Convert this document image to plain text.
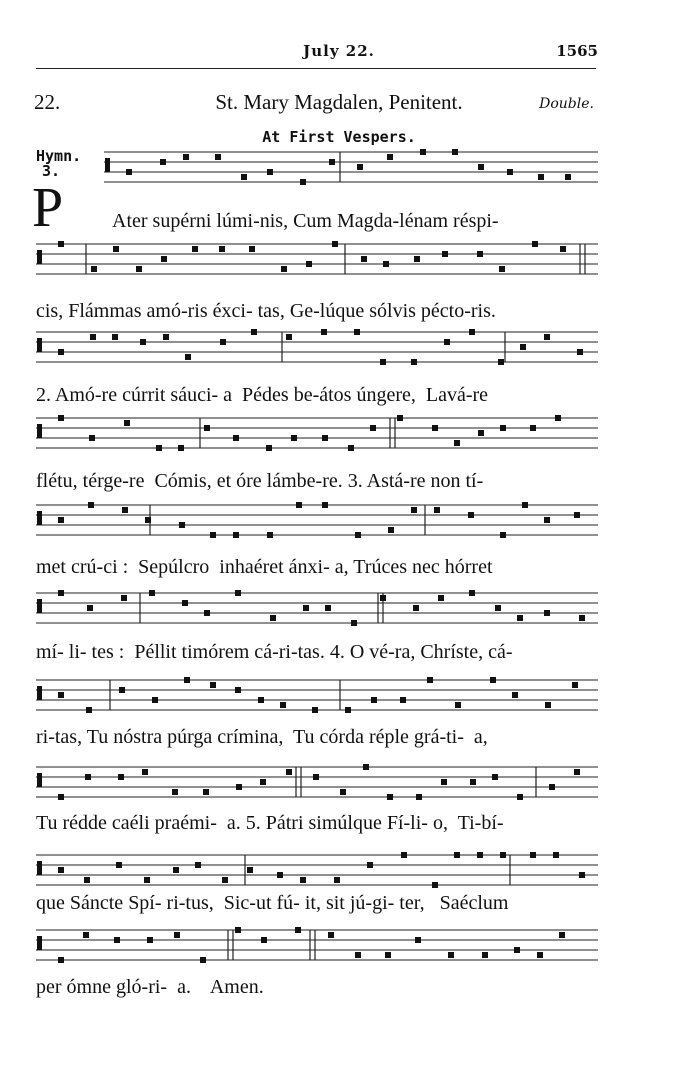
July 22.	1565
22.	St. Mary Magdalen, Penitent.	Double.
At First Vespers.
Hymn.
3.
P Ater supérni lúmi-nis, Cum Magda-lénam réspi-
cis, Flámmas amó-ris éxci- tas, Ge-lúque sólvis pécto-ris.
2. Amó-re cúrrit sáuci- a  Pédes be-átos úngere,  Lavá-re
flétu, térge-re  Cómis, et óre lámbe-re. 3. Astá-re non tí-
met crú-ci :  Sepúlcro  inhaéret ánxi- a, Trúces nec hórret
mí- li- tes :  Péllit timórem cá-ri-tas. 4. O vé-ra, Chríste, cá-
ri-tas, Tu nóstra púrga crímina,  Tu córda réple grá-ti-  a,
Tu rédde caéli praémi-  a. 5. Pátri simúlque Fí-li- o,  Ti-bí-
que Sáncte Spí- ri-tus,  Sic-ut fú- it, sit jú-gi- ter,   Saéclum
per ómne gló-ri-  a.    Amen.
